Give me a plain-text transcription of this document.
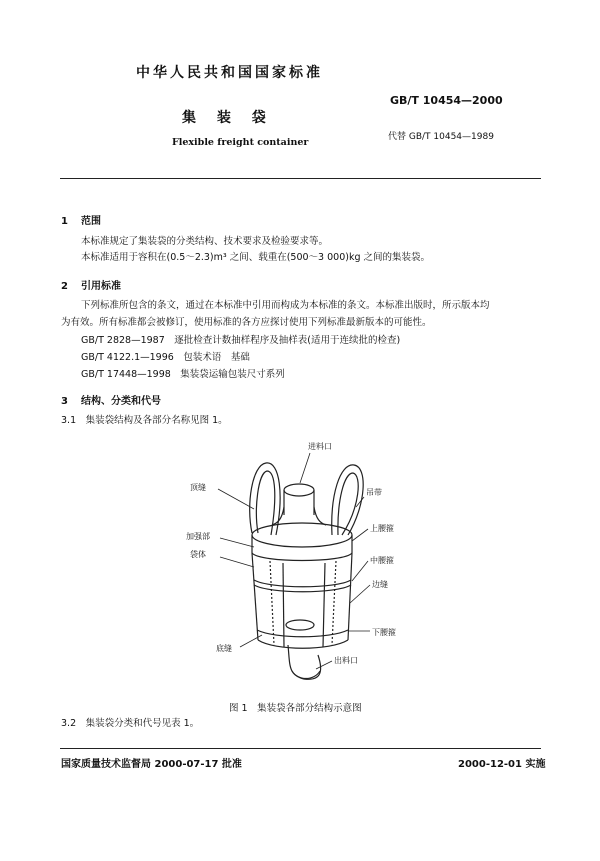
中华人民共和国国家标准
GB/T 10454—2000
集 装 袋
代替 GB/T 10454—1989
Flexible freight container
1 范围
本标准规定了集装袋的分类结构、技术要求及检验要求等。
本标准适用于容积在(0.5～2.3)m³ 之间、载重在(500～3 000)kg 之间的集装袋。
2 引用标准
下列标准所包含的条文，通过在本标准中引用而构成为本标准的条文。本标准出版时，所示版本均
为有效。所有标准都会被修订，使用标准的各方应探讨使用下列标准最新版本的可能性。
GB/T 2828—1987　逐批检查计数抽样程序及抽样表(适用于连续批的检查)
GB/T 4122.1—1996　包装术语　基础
GB/T 17448—1998　集装袋运输包装尺寸系列
3 结构、分类和代号
3.1　集装袋结构及各部分名称见图 1。
进料口
顶缝
吊带
上腰箍
加强部
袋体
中腰箍
边缝
下腰箍
底缝
出料口
图 1　集装袋各部分结构示意图
3.2　集装袋分类和代号见表 1。
国家质量技术监督局 2000-07-17 批准	2000-12-01 实施
